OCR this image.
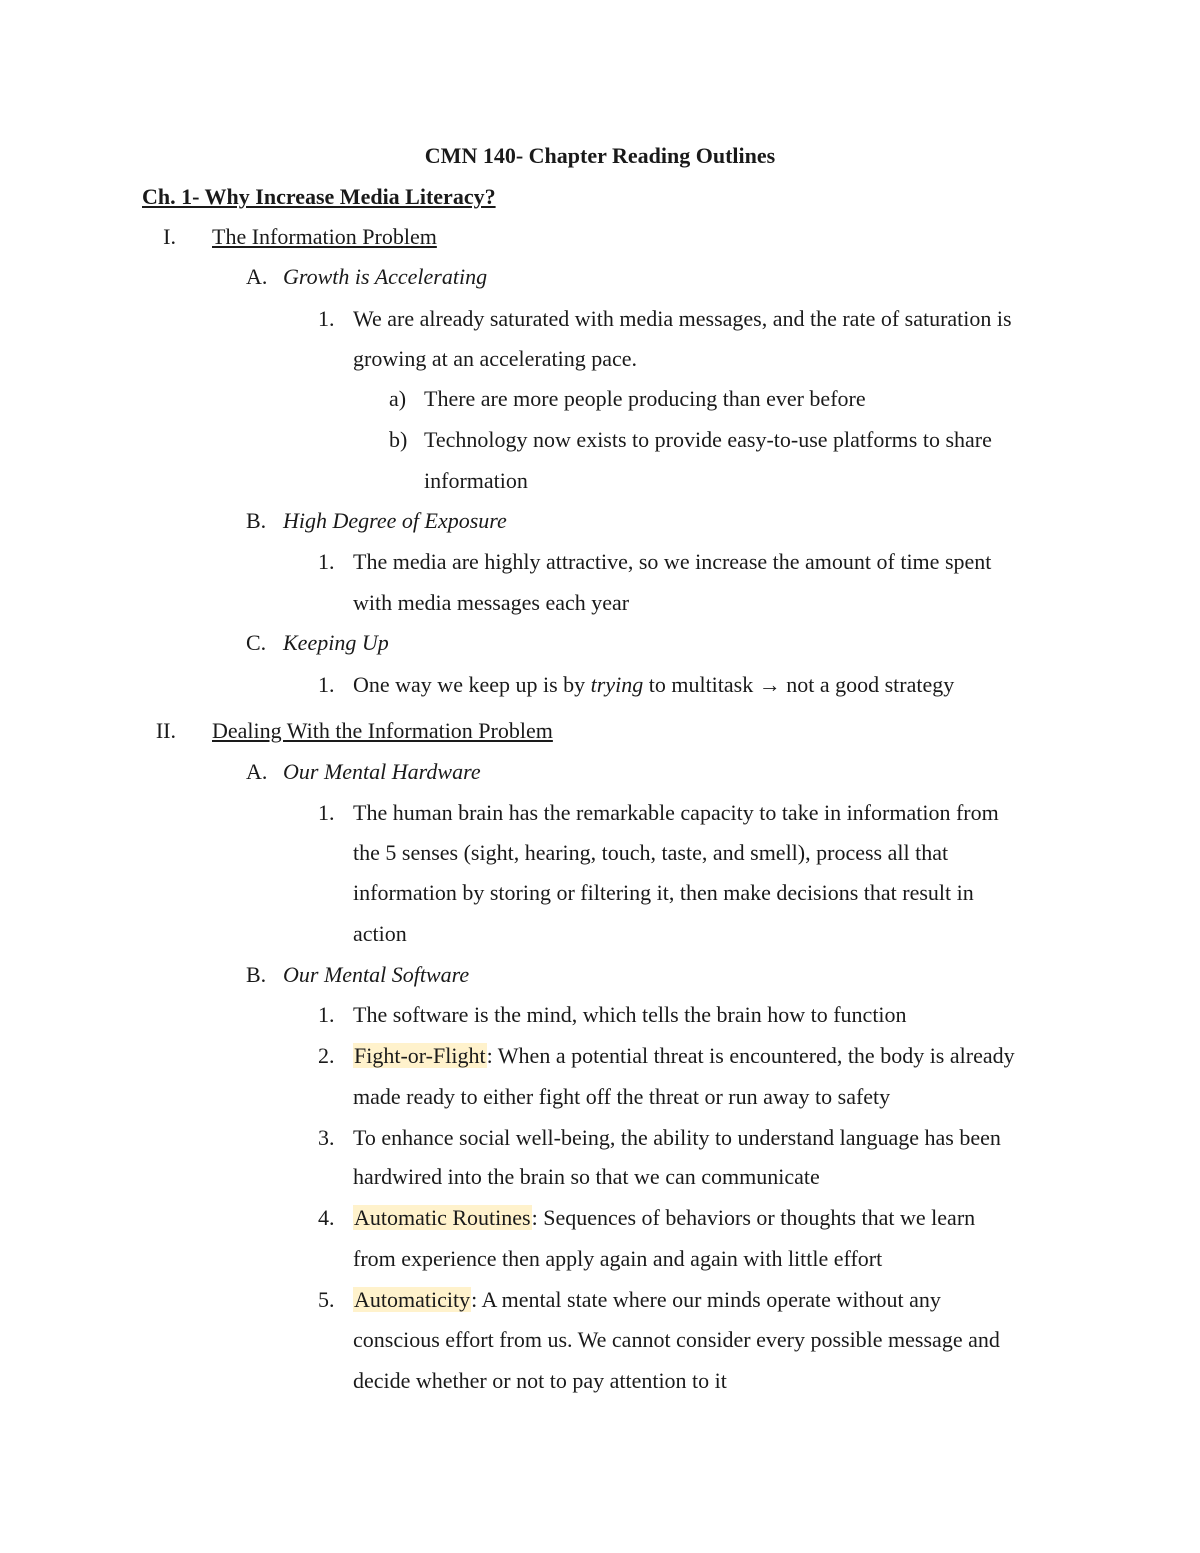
CMN 140- Chapter Reading Outlines
Ch. 1- Why Increase Media Literacy?
I. The Information Problem
A. Growth is Accelerating
1. We are already saturated with media messages, and the rate of saturation is
growing at an accelerating pace.
a) There are more people producing than ever before
b) Technology now exists to provide easy-to-use platforms to share
information
B. High Degree of Exposure
1. The media are highly attractive, so we increase the amount of time spent
with media messages each year
C. Keeping Up
1. One way we keep up is by trying to multitask → not a good strategy
II. Dealing With the Information Problem
A. Our Mental Hardware
1. The human brain has the remarkable capacity to take in information from
the 5 senses (sight, hearing, touch, taste, and smell), process all that
information by storing or filtering it, then make decisions that result in
action
B. Our Mental Software
1. The software is the mind, which tells the brain how to function
2. Fight-or-Flight: When a potential threat is encountered, the body is already
made ready to either fight off the threat or run away to safety
3. To enhance social well-being, the ability to understand language has been
hardwired into the brain so that we can communicate
4. Automatic Routines: Sequences of behaviors or thoughts that we learn
from experience then apply again and again with little effort
5. Automaticity: A mental state where our minds operate without any
conscious effort from us. We cannot consider every possible message and
decide whether or not to pay attention to it
